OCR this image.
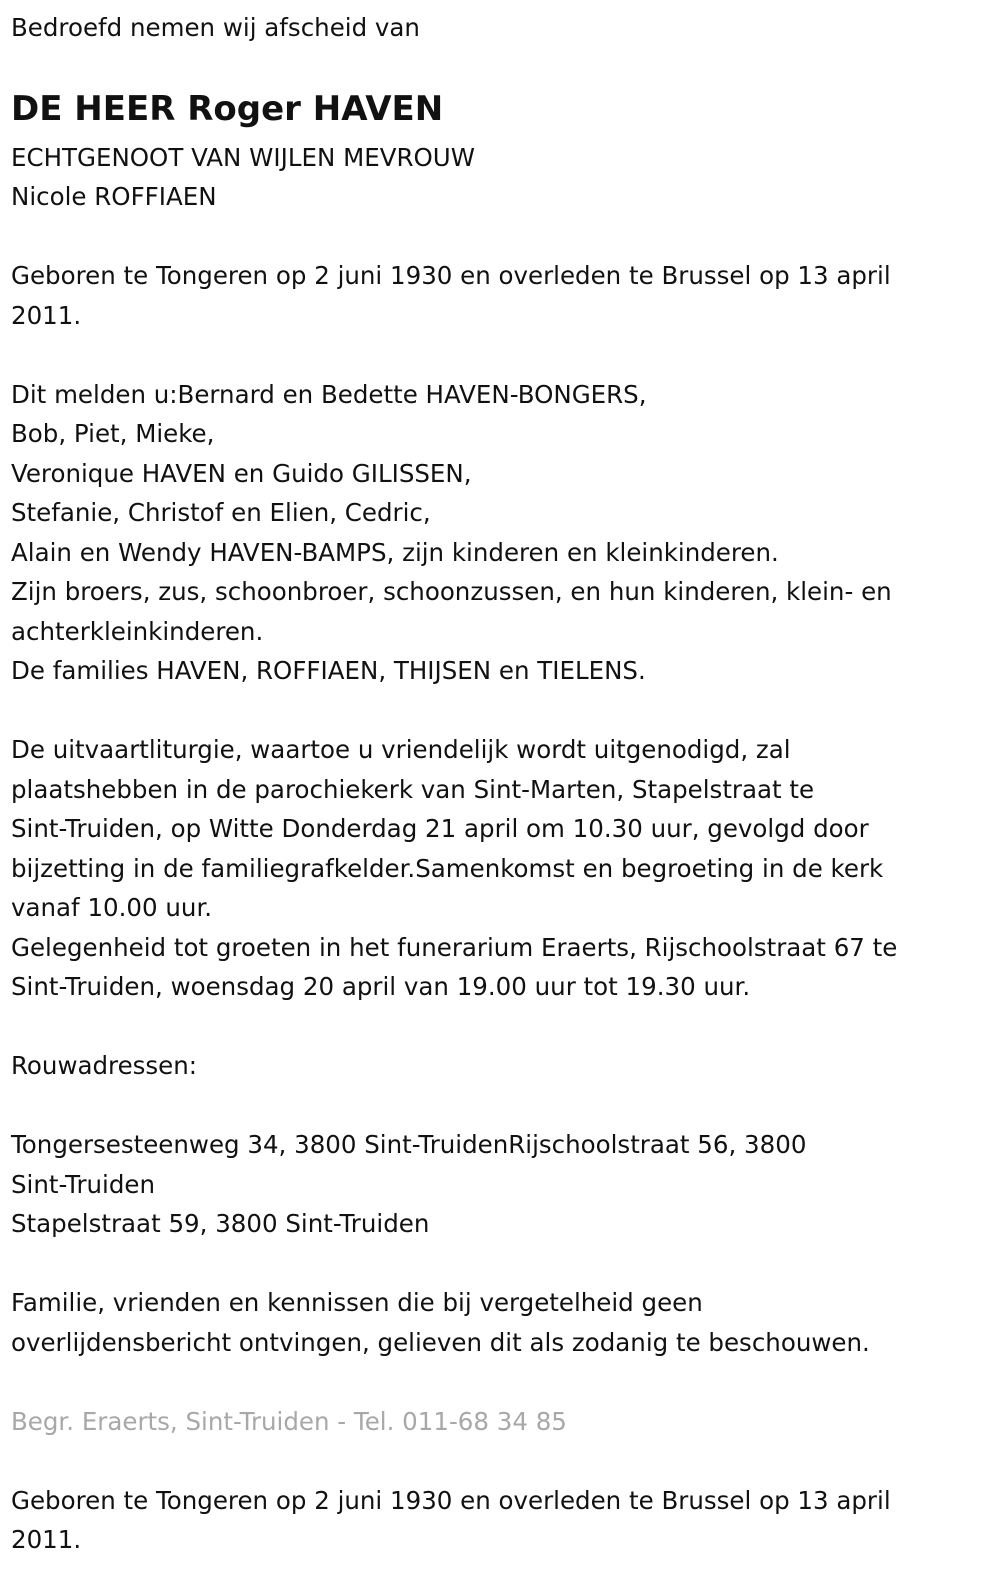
Bedroefd nemen wij afscheid van

DE HEER Roger HAVEN

ECHTGENOOT VAN WIJLEN MEVROUW

Nicole ROFFIAEN

Geboren te Tongeren op 2 juni 1930 en overleden te Brussel op 13 april

2011.

Dit melden u:Bernard en Bedette HAVEN-BONGERS,

Bob, Piet, Mieke,

Veronique HAVEN en Guido GILISSEN,

Stefanie, Christof en Elien, Cedric,

Alain en Wendy HAVEN-BAMPS, zijn kinderen en kleinkinderen.

Zijn broers, zus, schoonbroer, schoonzussen, en hun kinderen, klein- en

achterkleinkinderen.

De families HAVEN, ROFFIAEN, THIJSEN en TIELENS.

De uitvaartliturgie, waartoe u vriendelijk wordt uitgenodigd, zal

plaatshebben in de parochiekerk van Sint-Marten, Stapelstraat te

Sint-Truiden, op Witte Donderdag 21 april om 10.30 uur, gevolgd door

bijzetting in de familiegrafkelder.Samenkomst en begroeting in de kerk

vanaf 10.00 uur.

Gelegenheid tot groeten in het funerarium Eraerts, Rijschoolstraat 67 te

Sint-Truiden, woensdag 20 april van 19.00 uur tot 19.30 uur.

Rouwadressen:

Tongersesteenweg 34, 3800 Sint-TruidenRijschoolstraat 56, 3800

Sint-Truiden

Stapelstraat 59, 3800 Sint-Truiden

Familie, vrienden en kennissen die bij vergetelheid geen

overlijdensbericht ontvingen, gelieven dit als zodanig te beschouwen.

Begr. Eraerts, Sint-Truiden - Tel. 011-68 34 85

Geboren te Tongeren op 2 juni 1930 en overleden te Brussel op 13 april

2011.
